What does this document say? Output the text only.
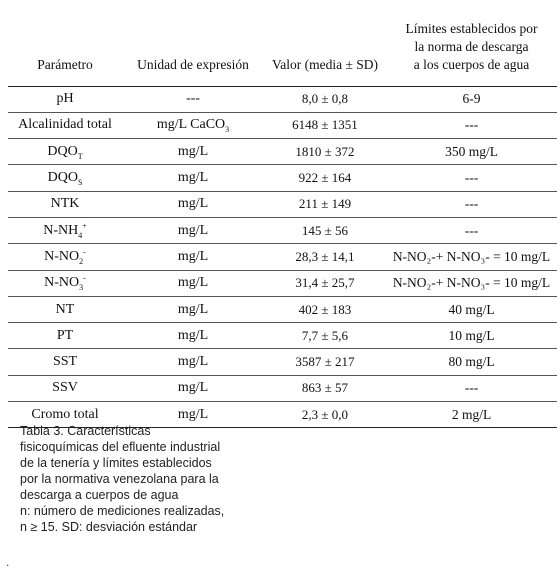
Parámetro	Unidad de expresión	Valor (media ± SD)	Límites establecidos por
la norma de descarga
a los cuerpos de agua

pH	---	8,0 ± 0,8	6-9
Alcalinidad total	mg/L CaCO$_3$	6148 ± 1351	---
$DQO_T$	mg/L	1810 ± 372	350 mg/L
$DQO_S$	mg/L	922 ± 164	---
NTK	mg/L	211 ± 149	---
$N-NH_4^+$	mg/L	145 ± 56	---
$N-NO_2^-$	mg/L	28,3 ± 14,1	N-NO₂-+ N-NO₃- = 10 mg/L
$N-NO_3^-$	mg/L	31,4 ± 25,7	N-NO₂-+ N-NO₃- = 10 mg/L
NT	mg/L	402 ± 183	40 mg/L
PT	mg/L	7,7 ± 5,6	10 mg/L
SST	mg/L	3587 ± 217	80 mg/L
SSV	mg/L	863 ± 57	---
Cromo total	mg/L	2,3 ± 0,0	2 mg/L

Tabla 3. Características fisicoquímicas del efluente industrial de la tenería y límites establecidos por la normativa venezolana para la descarga a cuerpos de agua

n: número de mediciones realizadas, n ≥ 15. SD: desviación estándar

.
